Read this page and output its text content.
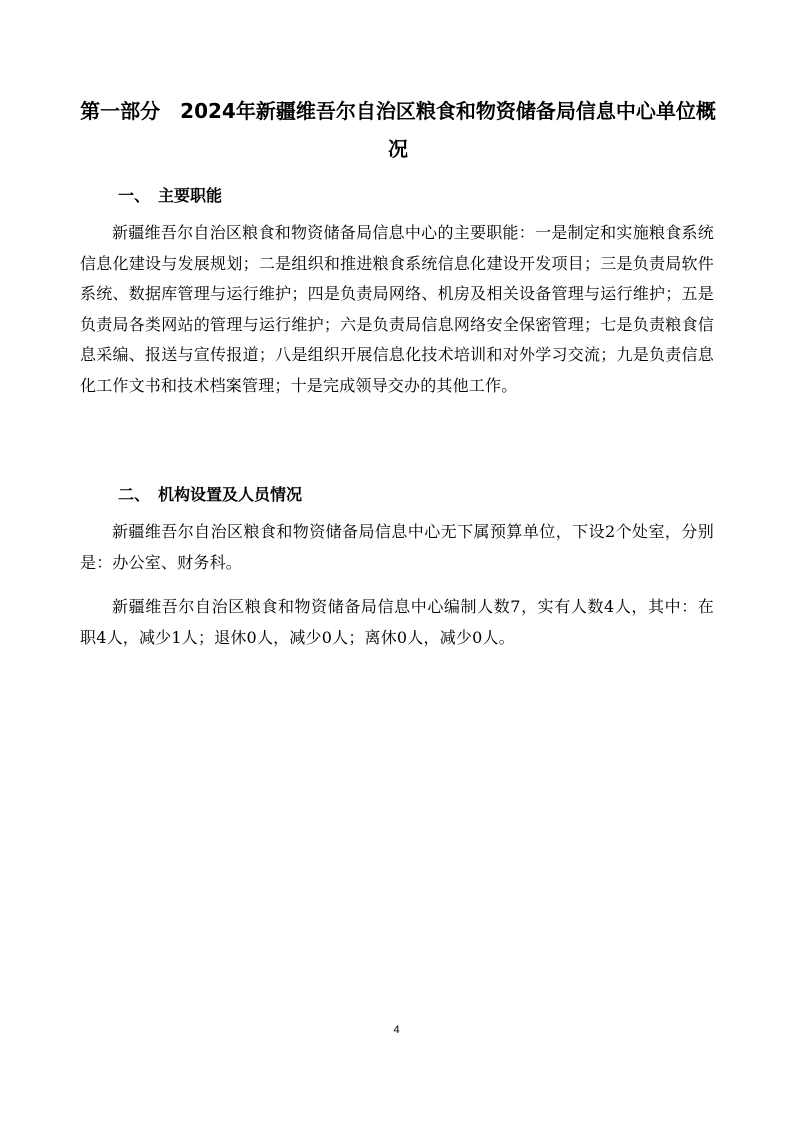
第一部分　2024年新疆维吾尔自治区粮食和物资储备局信息中心单位概况
一、 主要职能

新疆维吾尔自治区粮食和物资储备局信息中心的主要职能：一是制定和实施粮食系统信息化建设与发展规划；二是组织和推进粮食系统信息化建设开发项目；三是负责局软件系统、数据库管理与运行维护；四是负责局网络、机房及相关设备管理与运行维护；五是负责局各类网站的管理与运行维护；六是负责局信息网络安全保密管理；七是负责粮食信息采编、报送与宣传报道；八是组织开展信息化技术培训和对外学习交流；九是负责信息化工作文书和技术档案管理；十是完成领导交办的其他工作。

二、 机构设置及人员情况

新疆维吾尔自治区粮食和物资储备局信息中心无下属预算单位，下设2个处室，分别是：办公室、财务科。

新疆维吾尔自治区粮食和物资储备局信息中心编制人数7，实有人数4人，其中：在职4人，减少1人；退休0人，减少0人；离休0人，减少0人。

4
